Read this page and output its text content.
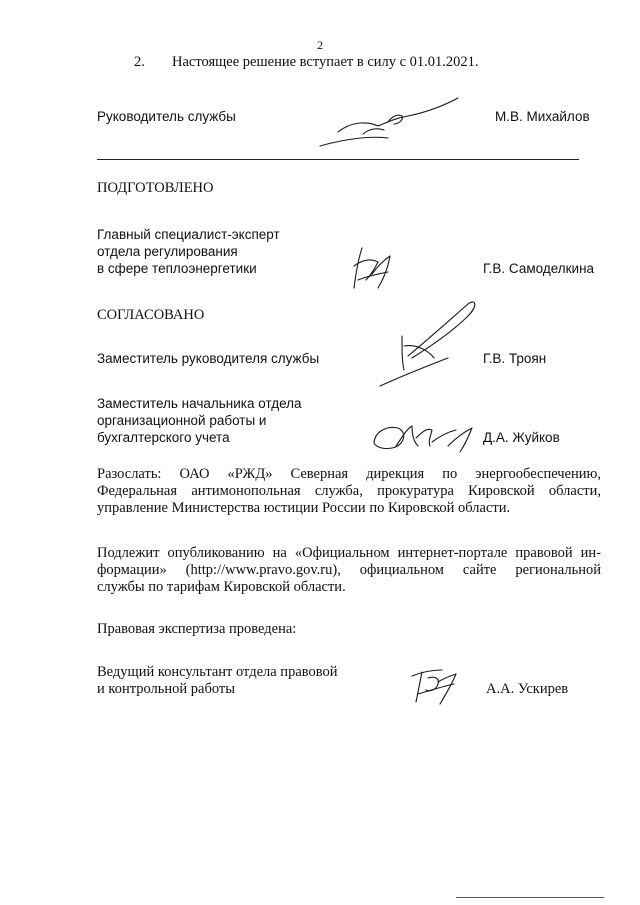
2
2. Настоящее решение вступает в силу с 01.01.2021.
Руководитель службы	М.В. Михайлов
ПОДГОТОВЛЕНО
Главный специалист-эксперт
отдела регулирования
в сфере теплоэнергетики	Г.В. Самоделкина
СОГЛАСОВАНО
Заместитель руководителя службы	Г.В. Троян
Заместитель начальника отдела
организационной работы и
бухгалтерского учета	Д.А. Жуйков
Разослать: ОАО «РЖД» Северная дирекция по энергообеспечению,
Федеральная антимонопольная служба, прокуратура Кировской области,
управление Министерства юстиции России по Кировской области.
Подлежит опубликованию на «Официальном интернет-портале правовой ин-
формации» (http://www.pravo.gov.ru), официальном сайте региональной
службы по тарифам Кировской области.
Правовая экспертиза проведена:
Ведущий консультант отдела правовой
и контрольной работы	А.А. Ускирев
